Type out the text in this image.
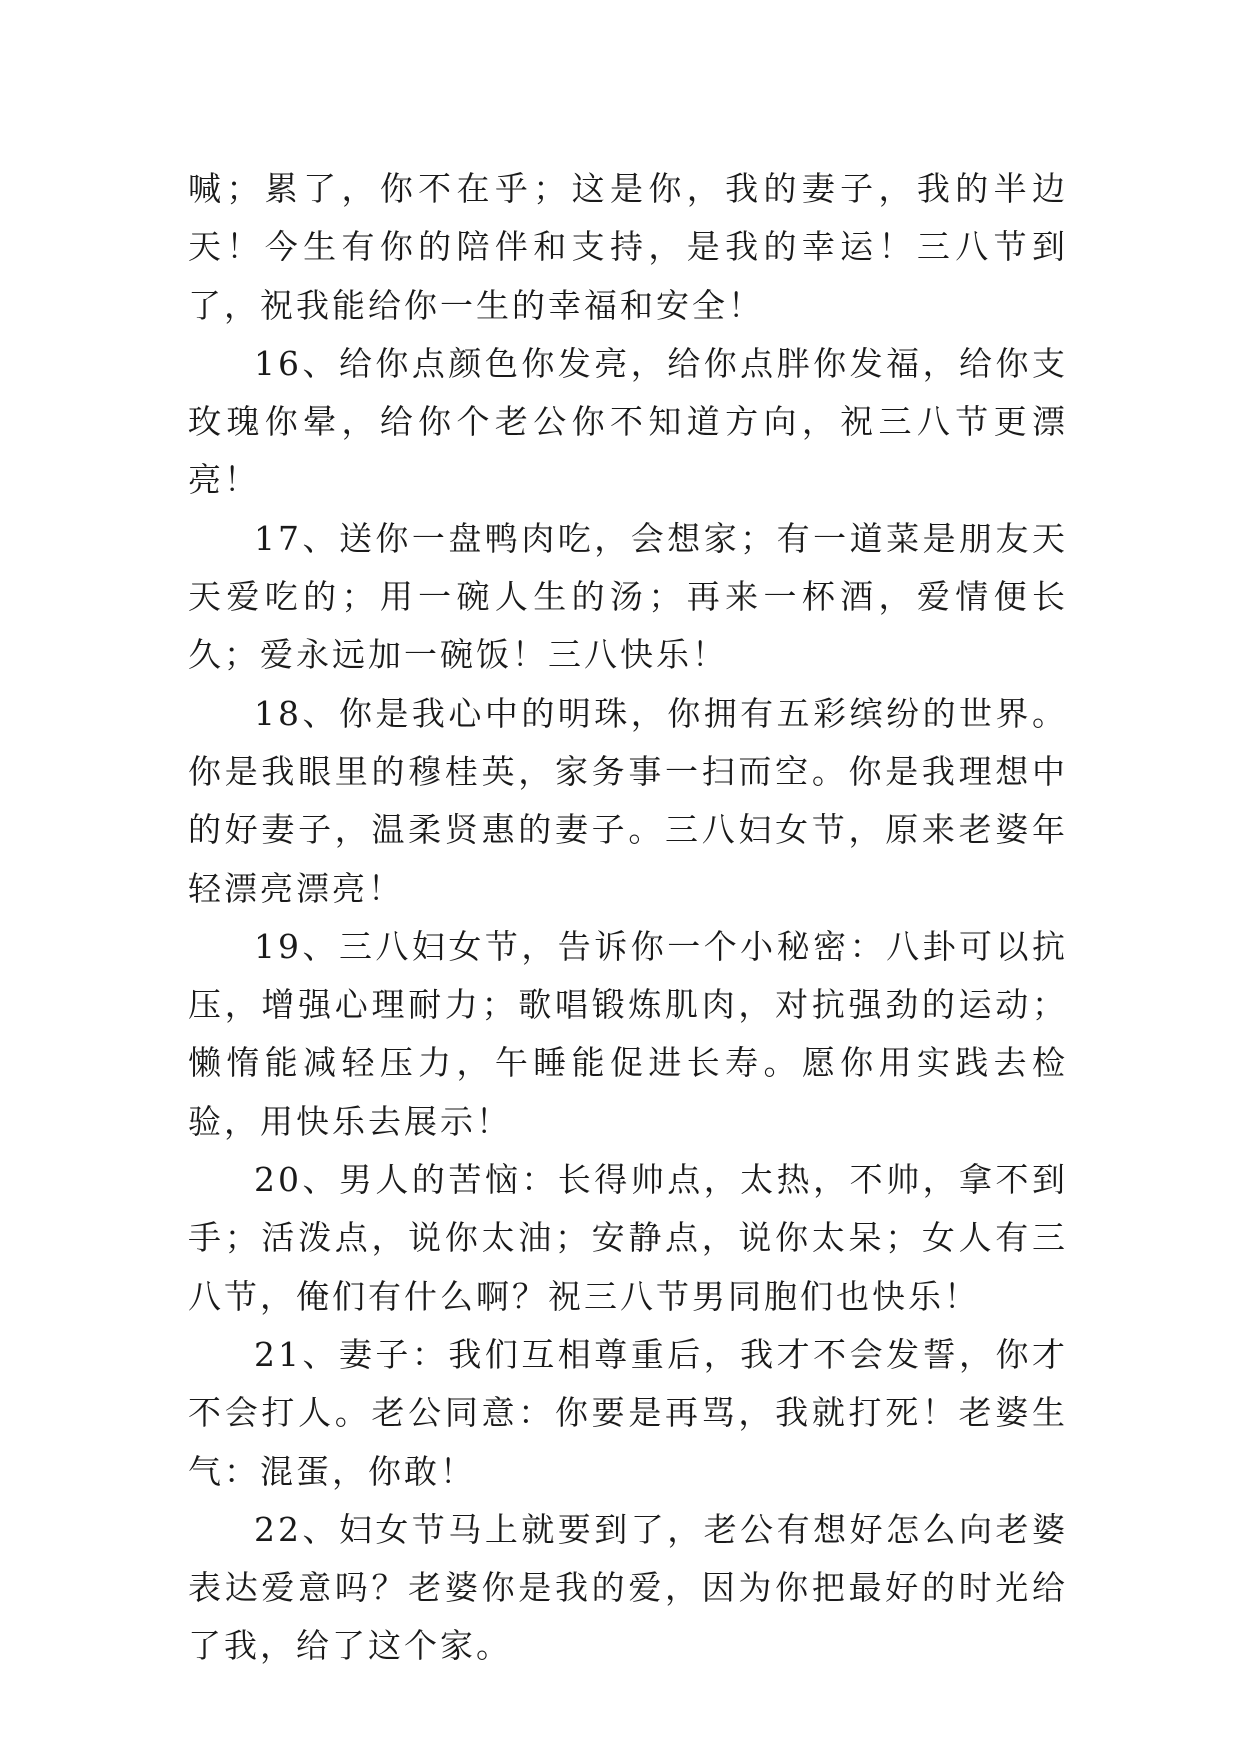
喊；累了，你不在乎；这是你，我的妻子，我的半边天！今生有你的陪伴和支持，是我的幸运！三八节到了，祝我能给你一生的幸福和安全！

16、给你点颜色你发亮，给你点胖你发福，给你支玫瑰你晕，给你个老公你不知道方向，祝三八节更漂亮！

17、送你一盘鸭肉吃，会想家；有一道菜是朋友天天爱吃的；用一碗人生的汤；再来一杯酒，爱情便长久；爱永远加一碗饭！三八快乐！

18、你是我心中的明珠，你拥有五彩缤纷的世界。你是我眼里的穆桂英，家务事一扫而空。你是我理想中的好妻子，温柔贤惠的妻子。三八妇女节，原来老婆年轻漂亮漂亮！

19、三八妇女节，告诉你一个小秘密：八卦可以抗压，增强心理耐力；歌唱锻炼肌肉，对抗强劲的运动；懒惰能减轻压力，午睡能促进长寿。愿你用实践去检验，用快乐去展示！

20、男人的苦恼：长得帅点，太热，不帅，拿不到手；活泼点，说你太油；安静点，说你太呆；女人有三八节，俺们有什么啊？祝三八节男同胞们也快乐！

21、妻子：我们互相尊重后，我才不会发誓，你才不会打人。老公同意：你要是再骂，我就打死！老婆生气：混蛋，你敢！

22、妇女节马上就要到了，老公有想好怎么向老婆表达爱意吗？老婆你是我的爱，因为你把最好的时光给了我，给了这个家。
